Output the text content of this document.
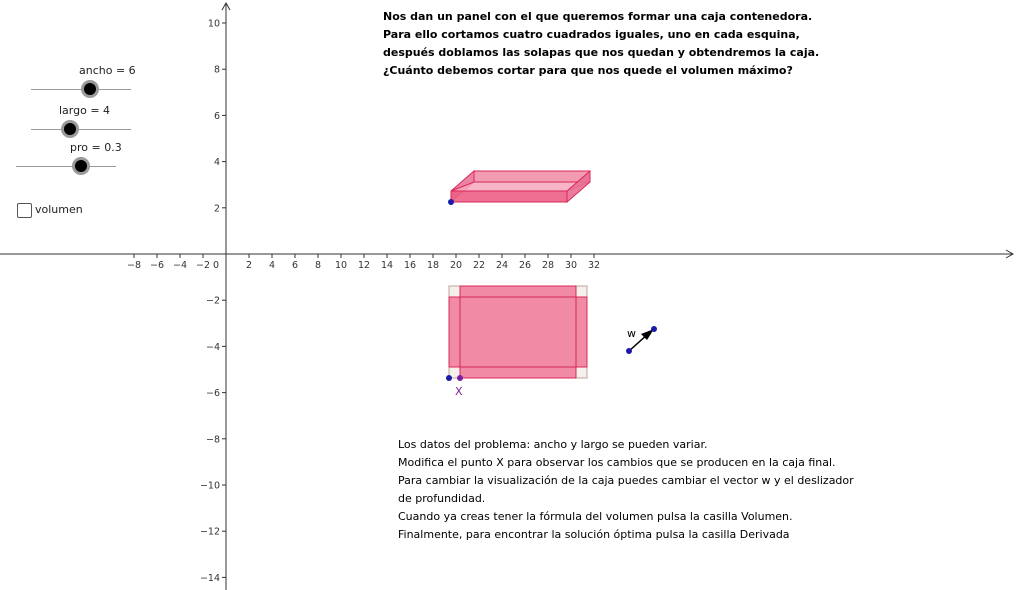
−8 −6 −4 −2 0	2 4 6 8 10 12 14 16 18 20 22 24 26 28 30 32
10
8
6
4
2
−2
−4
−6
−8
−10
−12
−14
X
w
ancho = 6
largo = 4
pro = 0.3
volumen
Nos dan un panel con el que queremos formar una caja contenedora.
Para ello cortamos cuatro cuadrados iguales, uno en cada esquina,
después doblamos las solapas que nos quedan y obtendremos la caja.
¿Cuánto debemos cortar para que nos quede el volumen máximo?
Los datos del problema: ancho y largo se pueden variar.
Modifica el punto X para observar los cambios que se producen en la caja final.
Para cambiar la visualización de la caja puedes cambiar el vector w y el deslizador
de profundidad.
Cuando ya creas tener la fórmula del volumen pulsa la casilla Volumen.
Finalmente, para encontrar la solución óptima pulsa la casilla Derivada
